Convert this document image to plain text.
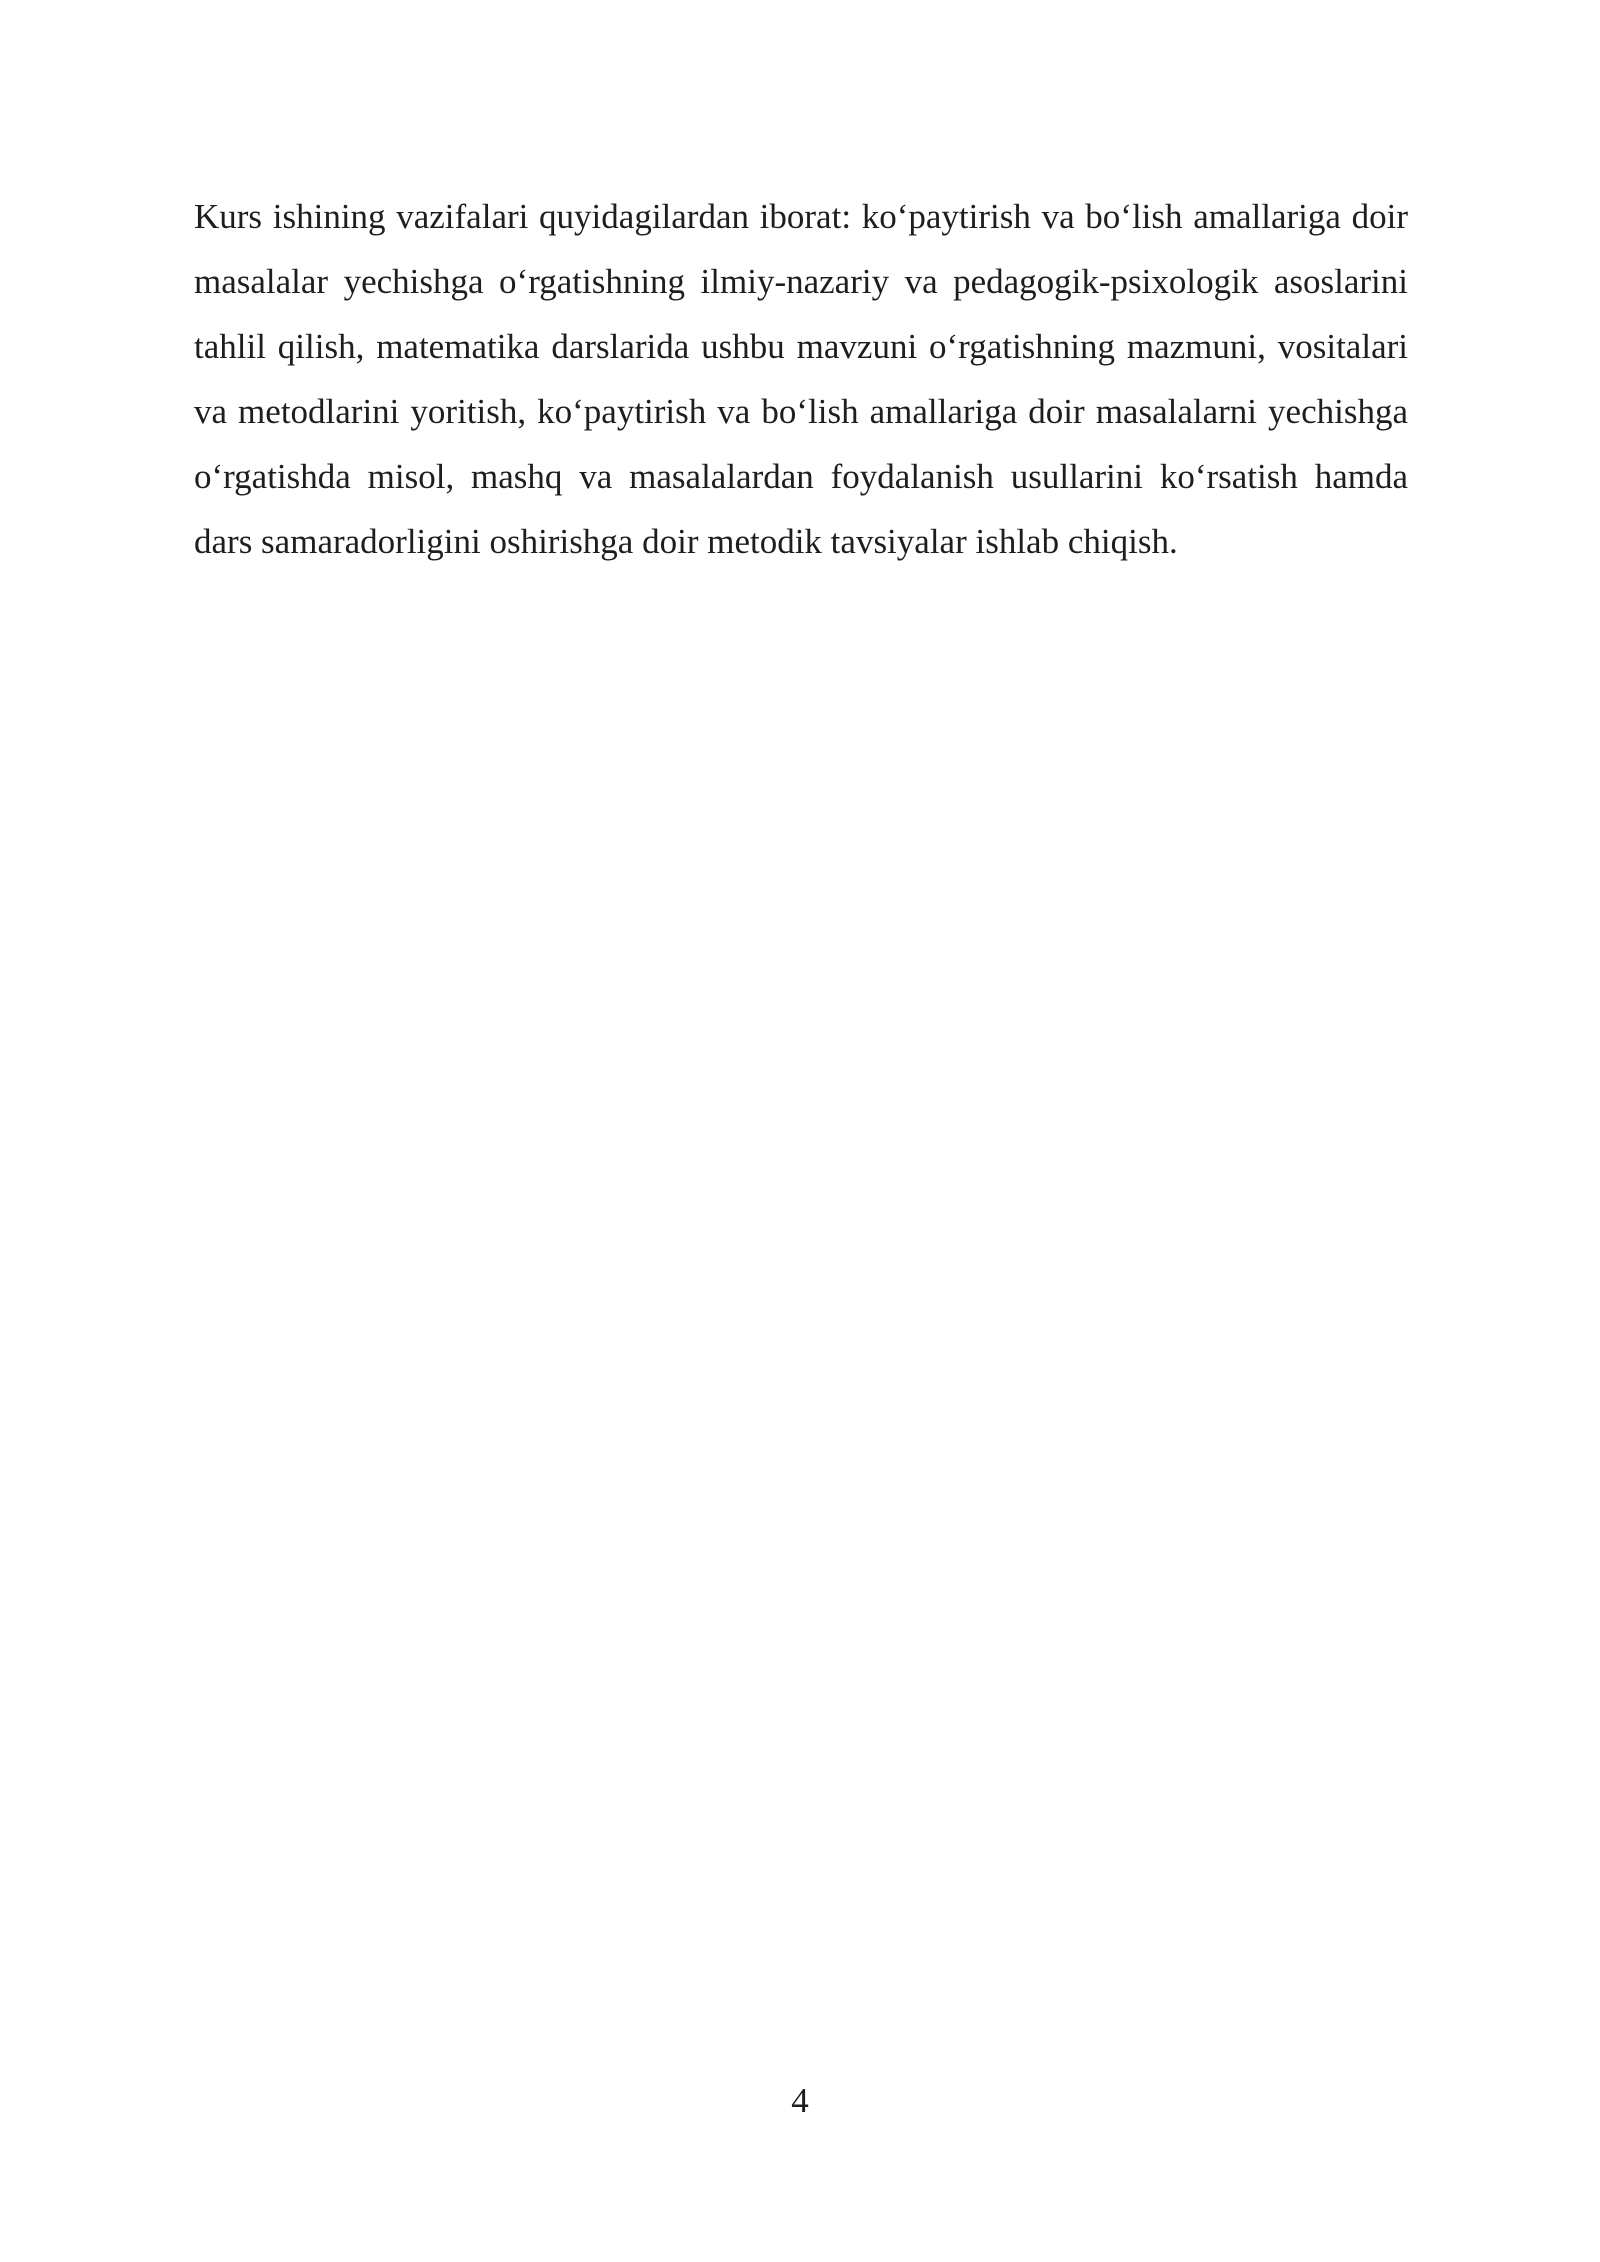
Kurs ishining vazifalari quyidagilardan iborat: ko‘paytirish va bo‘lish amallariga doir masalalar yechishga o‘rgatishning ilmiy-nazariy va pedagogik-psixologik asoslarini tahlil qilish, matematika darslarida ushbu mavzuni o‘rgatishning mazmuni, vositalari va metodlarini yoritish, ko‘paytirish va bo‘lish amallariga doir masalalarni yechishga o‘rgatishda misol, mashq va masalalardan foydalanish usullarini ko‘rsatish hamda dars samaradorligini oshirishga doir metodik tavsiyalar ishlab chiqish.

4
